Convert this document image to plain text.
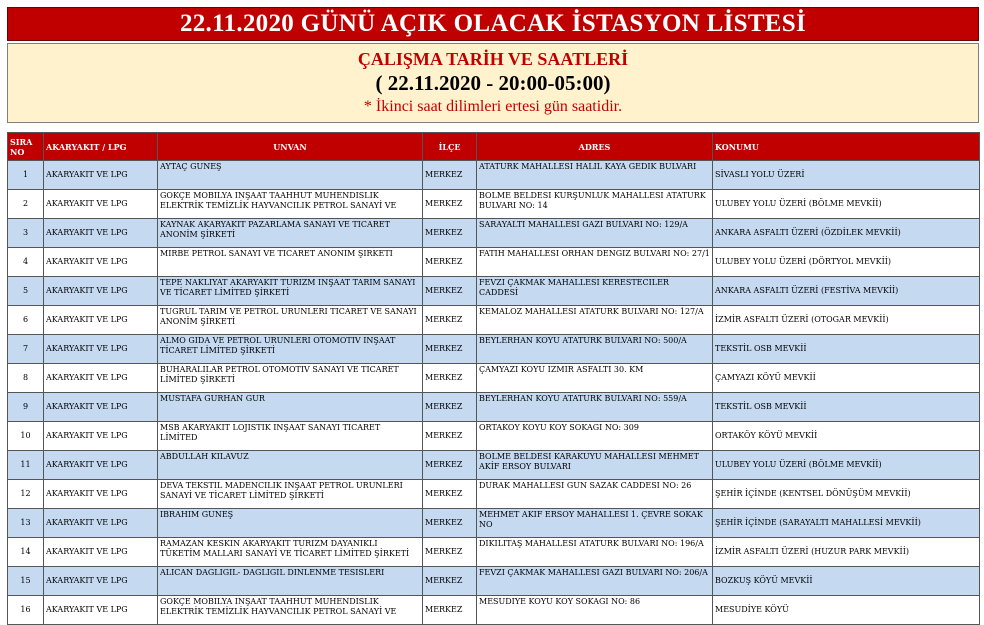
22.11.2020 GÜNÜ AÇIK OLACAK İSTASYON LİSTESİ
ÇALIŞMA TARİH VE SAATLERİ
( 22.11.2020 - 20:00-05:00)
* İkinci saat dilimleri ertesi gün saatidir.
SIRA NO	AKARYAKIT / LPG	UNVAN	İLÇE	ADRES	KONUMU
1	AKARYAKIT VE LPG	AYTAÇ GÜNEŞ	MERKEZ	ATATÜRK MAHALLESİ HALİL KAYA GEDİK BULVARI	SİVASLI YOLU ÜZERİ
2	AKARYAKIT VE LPG	GÖKÇE MOBİLYA İNŞAAT TAAHHÜT MÜHENDİSLİK ELEKTRİK TEMİZLİK HAYVANCILIK PETROL SANAYİ VE	MERKEZ	BÖLME BELDESİ KURŞUNLUK MAHALLESİ ATATÜRK BULVARI NO: 14	ULUBEY YOLU ÜZERİ (BÖLME MEVKİİ)
3	AKARYAKIT VE LPG	KAYNAK AKARYAKIT PAZARLAMA SANAYİ VE TİCARET ANONİM ŞİRKETİ	MERKEZ	SARAYALTI MAHALLESİ GAZİ BULVARI NO: 129/A	ANKARA ASFALTI ÜZERİ (ÖZDİLEK MEVKİİ)
4	AKARYAKIT VE LPG	MİRBE PETROL SANAYİ VE TİCARET ANONİM ŞİRKETİ	MERKEZ	FATİH MAHALLESİ ORHAN DENGİZ BULVARI NO: 27/1	ULUBEY YOLU ÜZERİ (DÖRTYOL MEVKİİ)
5	AKARYAKIT VE LPG	TEPE NAKLİYAT AKARYAKIT TURİZM İNŞAAT TARIM SANAYİ VE TİCARET LİMİTED ŞİRKETİ	MERKEZ	FEVZİ ÇAKMAK MAHALLESİ KERESTECİLER CADDESİ	ANKARA ASFALTI ÜZERİ (FESTİVA MEVKİİ)
6	AKARYAKIT VE LPG	TUĞRUL TARIM VE PETROL ÜRÜNLERİ TİCARET VE SANAYİ ANONİM ŞİRKETİ	MERKEZ	KEMALÖZ MAHALLESİ ATATÜRK BULVARI NO: 127/A	İZMİR ASFALTI ÜZERİ (OTOGAR MEVKİİ)
7	AKARYAKIT VE LPG	ALMO GIDA VE PETROL ÜRÜNLERİ OTOMOTİV İNŞAAT TİCARET LİMİTED ŞİRKETİ	MERKEZ	BEYLERHAN KÖYÜ ATATÜRK BULVARI NO: 500/A	TEKSTİL OSB MEVKİİ
8	AKARYAKIT VE LPG	BUHARALILAR PETROL OTOMOTİV SANAYİ VE TİCARET LİMİTED ŞİRKETİ	MERKEZ	ÇAMYAZI KÖYÜ İZMİR ASFALTI 30. KM	ÇAMYAZI KÖYÜ MEVKİİ
9	AKARYAKIT VE LPG	MUSTAFA GÜRHAN GÜR	MERKEZ	BEYLERHAN KÖYÜ ATATÜRK BULVARI NO: 559/A	TEKSTİL OSB MEVKİİ
10	AKARYAKIT VE LPG	MSB AKARYAKIT LOJİSTİK İNŞAAT SANAYİ TİCARET LİMİTED	MERKEZ	ORTAKÖY KÖYÜ KÖY SOKAĞI NO: 309	ORTAKÖY KÖYÜ MEVKİİ
11	AKARYAKIT VE LPG	ABDULLAH KILAVUZ	MERKEZ	BÖLME BELDESİ KARAKUYU MAHALLESİ MEHMET AKİF ERSOY BULVARI	ULUBEY YOLU ÜZERİ (BÖLME MEVKİİ)
12	AKARYAKIT VE LPG	DEVA TEKSTİL MADENCİLİK İNŞAAT PETROL ÜRÜNLERİ SANAYİ VE TİCARET LİMİTED ŞİRKETİ	MERKEZ	DURAK MAHALLESİ GÜN SAZAK CADDESİ NO: 26	ŞEHİR İÇİNDE (KENTSEL DÖNÜŞÜM MEVKİİ)
13	AKARYAKIT VE LPG	İBRAHİM GÜNEŞ	MERKEZ	MEHMET AKİF ERSOY MAHALLESİ 1. ÇEVRE SOKAK NO	ŞEHİR İÇİNDE (SARAYALTI MAHALLESİ MEVKİİ)
14	AKARYAKIT VE LPG	RAMAZAN KESKİN AKARYAKIT TURİZM DAYANIKLI TÜKETİM MALLARI SANAYİ VE TİCARET LİMİTED ŞİRKETİ	MERKEZ	DİKİLİTAŞ MAHALLESİ ATATÜRK BULVARI NO: 196/A	İZMİR ASFALTI ÜZERİ (HUZUR PARK MEVKİİ)
15	AKARYAKIT VE LPG	ALİCAN DAĞLIGİL- DAĞLIGİL DİNLENME TESİSLERİ	MERKEZ	FEVZİ ÇAKMAK MAHALLESİ GAZİ BULVARI NO: 206/A	BOZKUŞ KÖYÜ MEVKİİ
16	AKARYAKIT VE LPG	GÖKÇE MOBİLYA İNŞAAT TAAHHÜT MÜHENDİSLİK ELEKTRİK TEMİZLİK HAYVANCILIK PETROL SANAYİ VE	MERKEZ	MESUDİYE KÖYÜ KÖY SOKAĞI NO: 86	MESUDİYE KÖYÜ
